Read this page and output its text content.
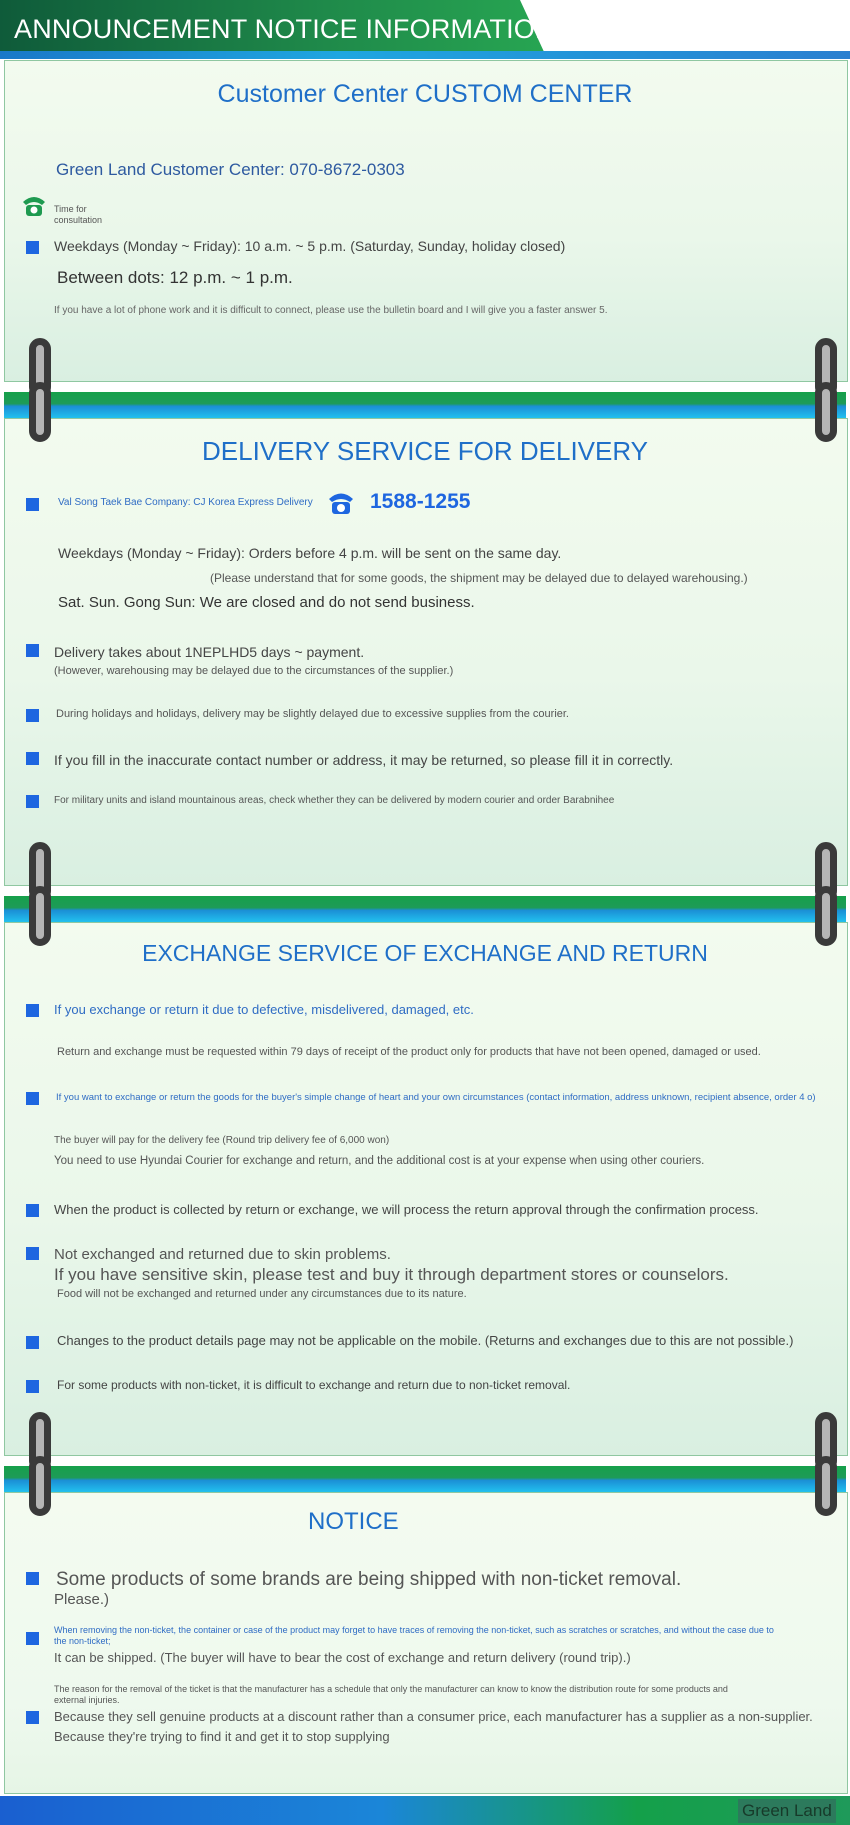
ANNOUNCEMENT NOTICE INFORMATION
Customer Center CUSTOM CENTER
Green Land Customer Center: 070-8672-0303
Time for
consultation
Weekdays (Monday ~ Friday): 10 a.m. ~ 5 p.m. (Saturday, Sunday, holiday closed)
Between dots: 12 p.m. ~ 1 p.m.
If you have a lot of phone work and it is difficult to connect, please use the bulletin board and I will give you a faster answer 5.
DELIVERY SERVICE FOR DELIVERY
Val Song Taek Bae Company: CJ Korea Express Delivery	1588-1255
Weekdays (Monday ~ Friday): Orders before 4 p.m. will be sent on the same day.
(Please understand that for some goods, the shipment may be delayed due to delayed warehousing.)
Sat. Sun. Gong Sun: We are closed and do not send business.
Delivery takes about 1NEPLHD5 days ~ payment.
(However, warehousing may be delayed due to the circumstances of the supplier.)
During holidays and holidays, delivery may be slightly delayed due to excessive supplies from the courier.
If you fill in the inaccurate contact number or address, it may be returned, so please fill it in correctly.
For military units and island mountainous areas, check whether they can be delivered by modern courier and order Barabnihee
EXCHANGE SERVICE OF EXCHANGE AND RETURN
If you exchange or return it due to defective, misdelivered, damaged, etc.
Return and exchange must be requested within 79 days of receipt of the product only for products that have not been opened, damaged or used.
If you want to exchange or return the goods for the buyer's simple change of heart and your own circumstances (contact information, address unknown, recipient absence, order 4 o)
The buyer will pay for the delivery fee (Round trip delivery fee of 6,000 won)
You need to use Hyundai Courier for exchange and return, and the additional cost is at your expense when using other couriers.
When the product is collected by return or exchange, we will process the return approval through the confirmation process.
Not exchanged and returned due to skin problems.
If you have sensitive skin, please test and buy it through department stores or counselors.
Food will not be exchanged and returned under any circumstances due to its nature.
Changes to the product details page may not be applicable on the mobile. (Returns and exchanges due to this are not possible.)
For some products with non-ticket, it is difficult to exchange and return due to non-ticket removal.
NOTICE
Some products of some brands are being shipped with non-ticket removal.
Please.)
When removing the non-ticket, the container or case of the product may forget to have traces of removing the non-ticket, such as scratches or scratches, and without the case due to
the non-ticket;
It can be shipped. (The buyer will have to bear the cost of exchange and return delivery (round trip).)
The reason for the removal of the ticket is that the manufacturer has a schedule that only the manufacturer can know to know the distribution route for some products and
external injuries.
Because they sell genuine products at a discount rather than a consumer price, each manufacturer has a supplier as a non-supplier.
Because they're trying to find it and get it to stop supplying
Green Land
